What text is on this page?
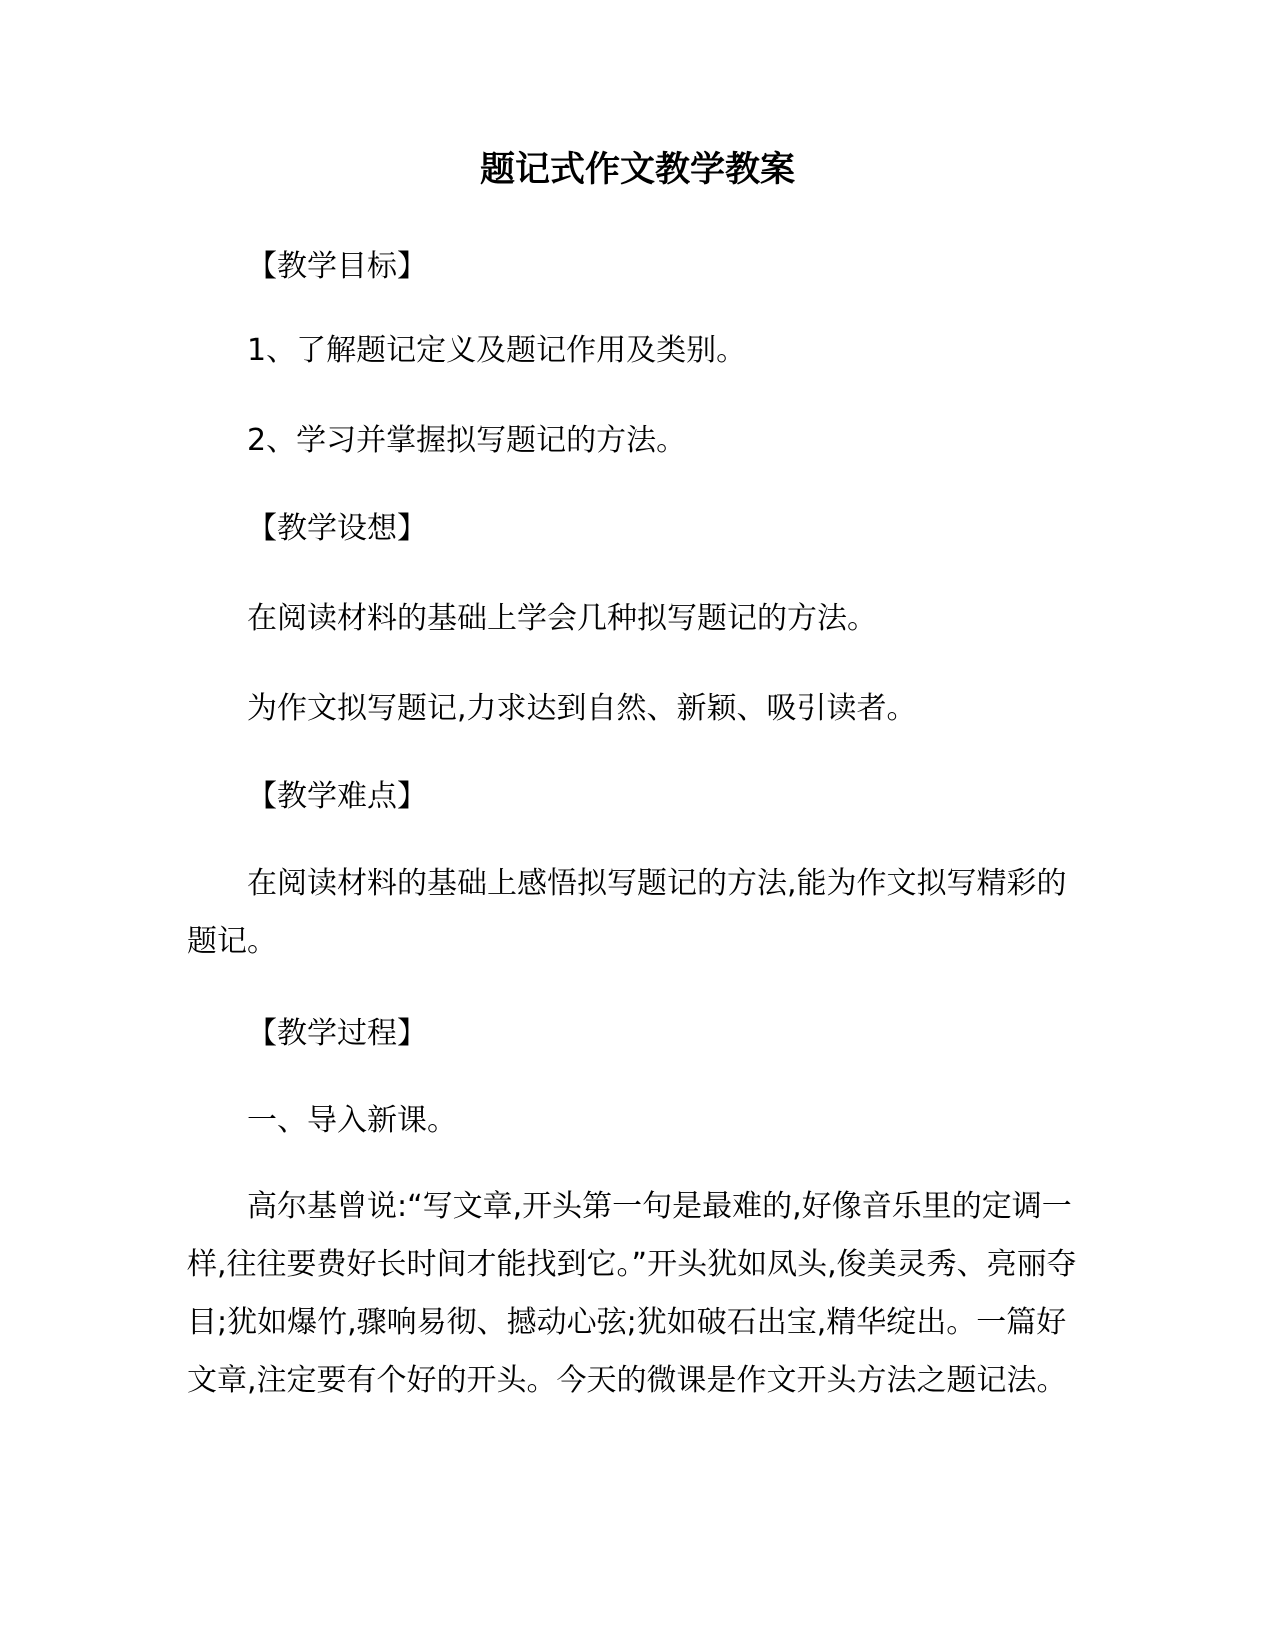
题记式作文教学教案

【教学目标】

1、了解题记定义及题记作用及类别。

2、学习并掌握拟写题记的方法。

【教学设想】

在阅读材料的基础上学会几种拟写题记的方法。

为作文拟写题记,力求达到自然、新颖、吸引读者。

【教学难点】

在阅读材料的基础上感悟拟写题记的方法,能为作文拟写精彩的题记。

【教学过程】

一、导入新课。

高尔基曾说:“写文章,开头第一句是最难的,好像音乐里的定调一样,往往要费好长时间才能找到它。”开头犹如凤头,俊美灵秀、亮丽夺目;犹如爆竹,骤响易彻、撼动心弦;犹如破石出宝,精华绽出。一篇好文章,注定要有个好的开头。今天的微课是作文开头方法之题记法。
